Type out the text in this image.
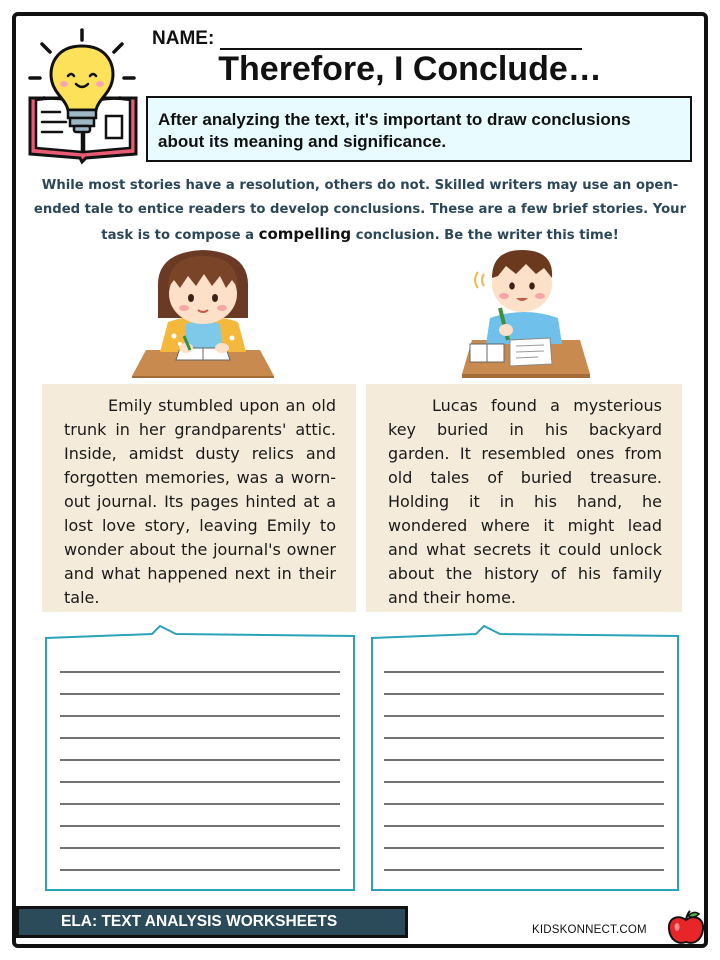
NAME:
Therefore, I Conclude…
After analyzing the text, it's important to draw conclusions about its meaning and significance.
While most stories have a resolution, others do not. Skilled writers may use an open-ended tale to entice readers to develop conclusions. These are a few brief stories. Your task is to compose a compelling conclusion. Be the writer this time!
Emily stumbled upon an old trunk in her grandparents' attic. Inside, amidst dusty relics and forgotten memories, was a worn-out journal. Its pages hinted at a lost love story, leaving Emily to wonder about the journal's owner and what happened next in their tale.
Lucas found a mysterious key buried in his backyard garden. It resembled ones from old tales of buried treasure. Holding it in his hand, he wondered where it might lead and what secrets it could unlock about the history of his family and their home.
ELA: TEXT ANALYSIS WORKSHEETS	KIDSKONNECT.COM
